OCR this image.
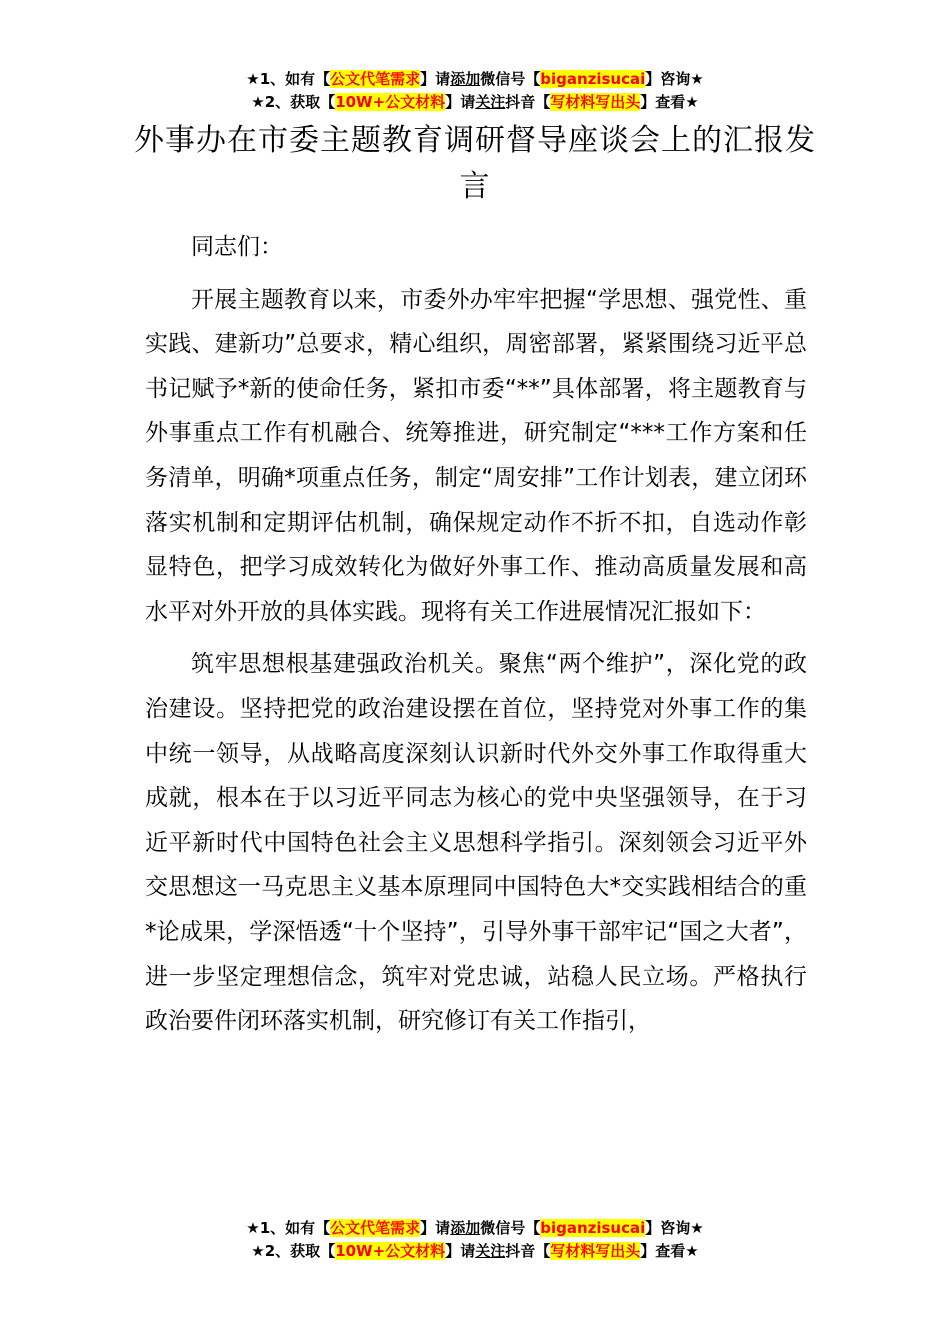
★1、如有【公文代笔需求】请添加微信号【biganzisucai】咨询★
★2、获取【10W+公文材料】请关注抖音【写材料写出头】查看★
外事办在市委主题教育调研督导座谈会上的汇报发言

同志们：

开展主题教育以来，市委外办牢牢把握“学思想、强党性、重实践、建新功”总要求，精心组织，周密部署，紧紧围绕习近平总书记赋予*新的使命任务，紧扣市委“**”具体部署，将主题教育与外事重点工作有机融合、统筹推进，研究制定“***工作方案和任务清单，明确*项重点任务，制定“周安排”工作计划表，建立闭环落实机制和定期评估机制，确保规定动作不折不扣，自选动作彰显特色，把学习成效转化为做好外事工作、推动高质量发展和高水平对外开放的具体实践。现将有关工作进展情况汇报如下：

筑牢思想根基建强政治机关。聚焦“两个维护”，深化党的政治建设。坚持把党的政治建设摆在首位，坚持党对外事工作的集中统一领导，从战略高度深刻认识新时代外交外事工作取得重大成就，根本在于以习近平同志为核心的党中央坚强领导，在于习近平新时代中国特色社会主义思想科学指引。深刻领会习近平外交思想这一马克思主义基本原理同中国特色大*交实践相结合的重*论成果，学深悟透“十个坚持”，引导外事干部牢记“国之大者”，进一步坚定理想信念，筑牢对党忠诚，站稳人民立场。严格执行政治要件闭环落实机制，研究修订有关工作指引，

★1、如有【公文代笔需求】请添加微信号【biganzisucai】咨询★
★2、获取【10W+公文材料】请关注抖音【写材料写出头】查看★
